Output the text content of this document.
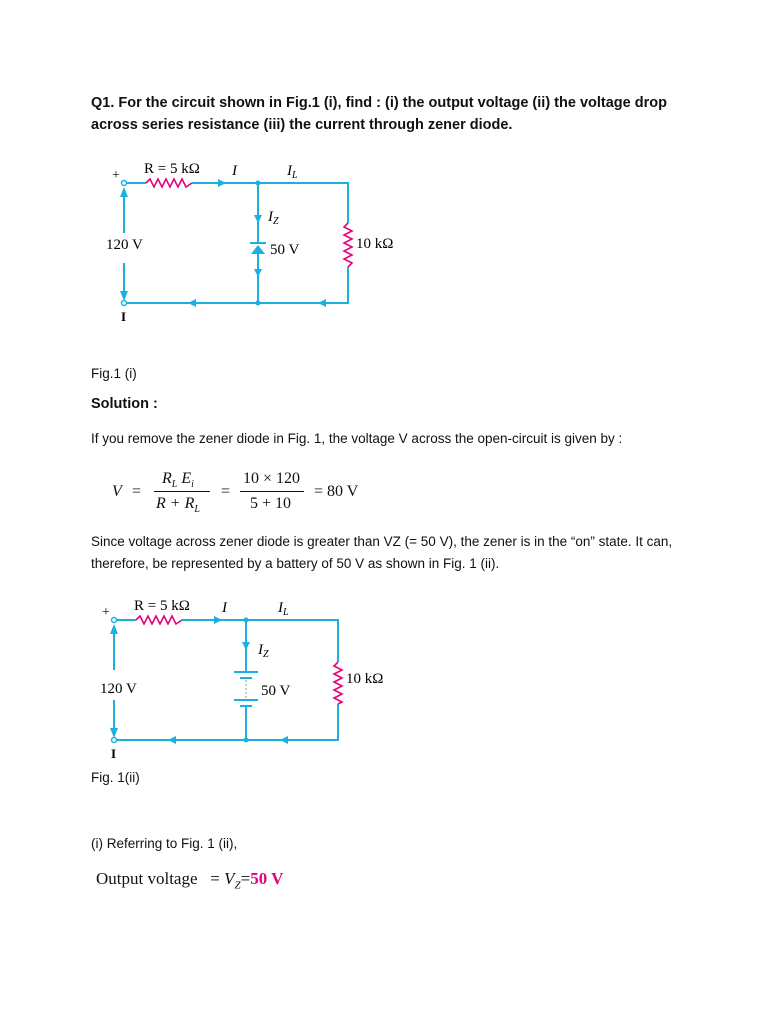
Q1. For the circuit shown in Fig.1 (i), find : (i) the output voltage (ii) the voltage drop across series resistance (iii) the current through zener diode.
+
I
R = 5 kΩ I	$I_L$
$I_Z$
120 V	50 V	10 kΩ
Fig.1 (i)
Solution :
If you remove the zener diode in Fig. 1, the voltage V across the open-circuit is given by :
V =
$R_L$ $E_i$
$R + R_L$
=
10 × 120
5 + 10
= 80 V
Since voltage across zener diode is greater than VZ (= 50 V), the zener is in the “on” state. It can, therefore, be represented by a battery of 50 V as shown in Fig. 1 (ii).
+
I
R = 5 kΩ I	$I_L$
$I_Z$
120 V	50 V
10 kΩ
Fig. 1(ii)
(i) Referring to Fig. 1 (ii),
Output voltage = $V_Z=50$ V
